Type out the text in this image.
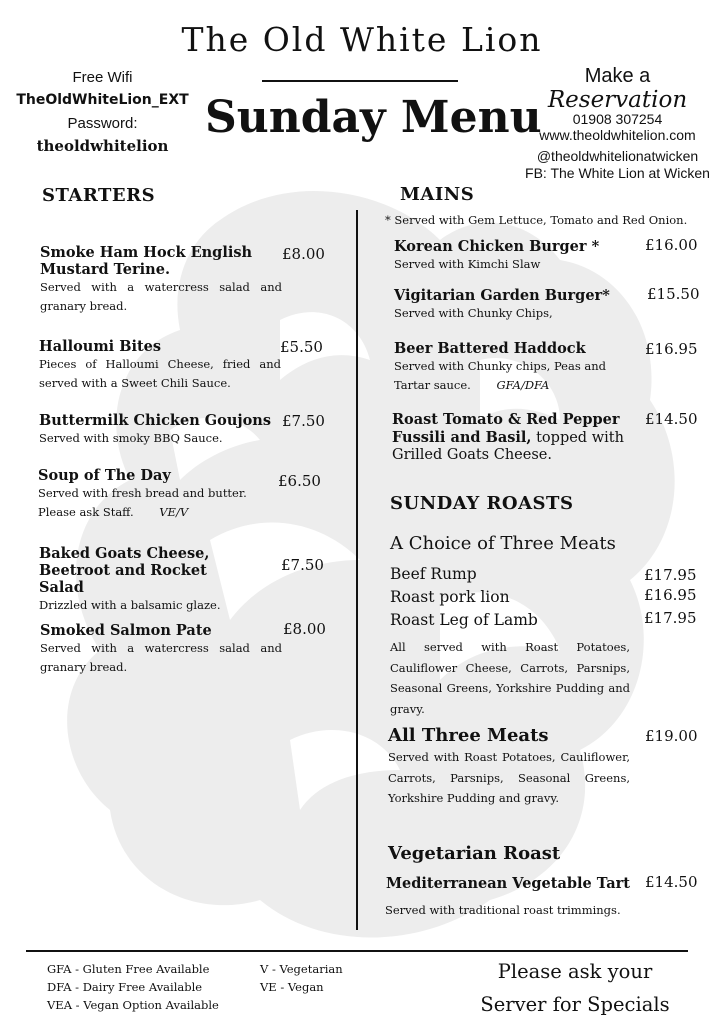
The Old White Lion
Sunday Menu
Free Wifi
TheOldWhiteLion_EXT
Password:
theoldwhitelion
Make a
Reservation
01908 307254
www.theoldwhitelion.com
@theoldwhitelionatwicken
FB: The White Lion at Wicken
STARTERS
Smoke Ham Hock English Mustard Terine.
Served with a watercress salad and granary bread.
£8.00
Halloumi Bites
Pieces of Halloumi Cheese, fried and served with a Sweet Chili Sauce.
£5.50
Buttermilk Chicken Goujons
Served with smoky BBQ Sauce.
£7.50
Soup of The Day
Served with fresh bread and butter.
Please ask Staff. VE/V
£6.50
Baked Goats Cheese, Beetroot and Rocket Salad
Drizzled with a balsamic glaze.
£7.50
Smoked Salmon Pate
Served with a watercress salad and granary bread.
£8.00
MAINS
* Served with Gem Lettuce, Tomato and Red Onion.
Korean Chicken Burger *
Served with Kimchi Slaw
£16.00
Vigitarian Garden Burger*
Served with Chunky Chips,
£15.50
Beer Battered Haddock
Served with Chunky chips, Peas and Tartar sauce. GFA/DFA
£16.95
Roast Tomato & Red Pepper Fussili and Basil, topped with Grilled Goats Cheese.
£14.50
SUNDAY ROASTS
A Choice of Three Meats
Beef Rump	£17.95
Roast pork lion	£16.95
Roast Leg of Lamb	£17.95
All served with Roast Potatoes, Cauliflower Cheese, Carrots, Parsnips, Seasonal Greens, Yorkshire Pudding and gravy.
All Three Meats	£19.00
Served with Roast Potatoes, Cauliflower, Carrots, Parsnips, Seasonal Greens, Yorkshire Pudding and gravy.
Vegetarian Roast
Mediterranean Vegetable Tart £14.50
Served with traditional roast trimmings.
GFA - Gluten Free Available
DFA - Dairy Free Available
VEA - Vegan Option Available
V - Vegetarian
VE - Vegan
Please ask your
Server for Specials
